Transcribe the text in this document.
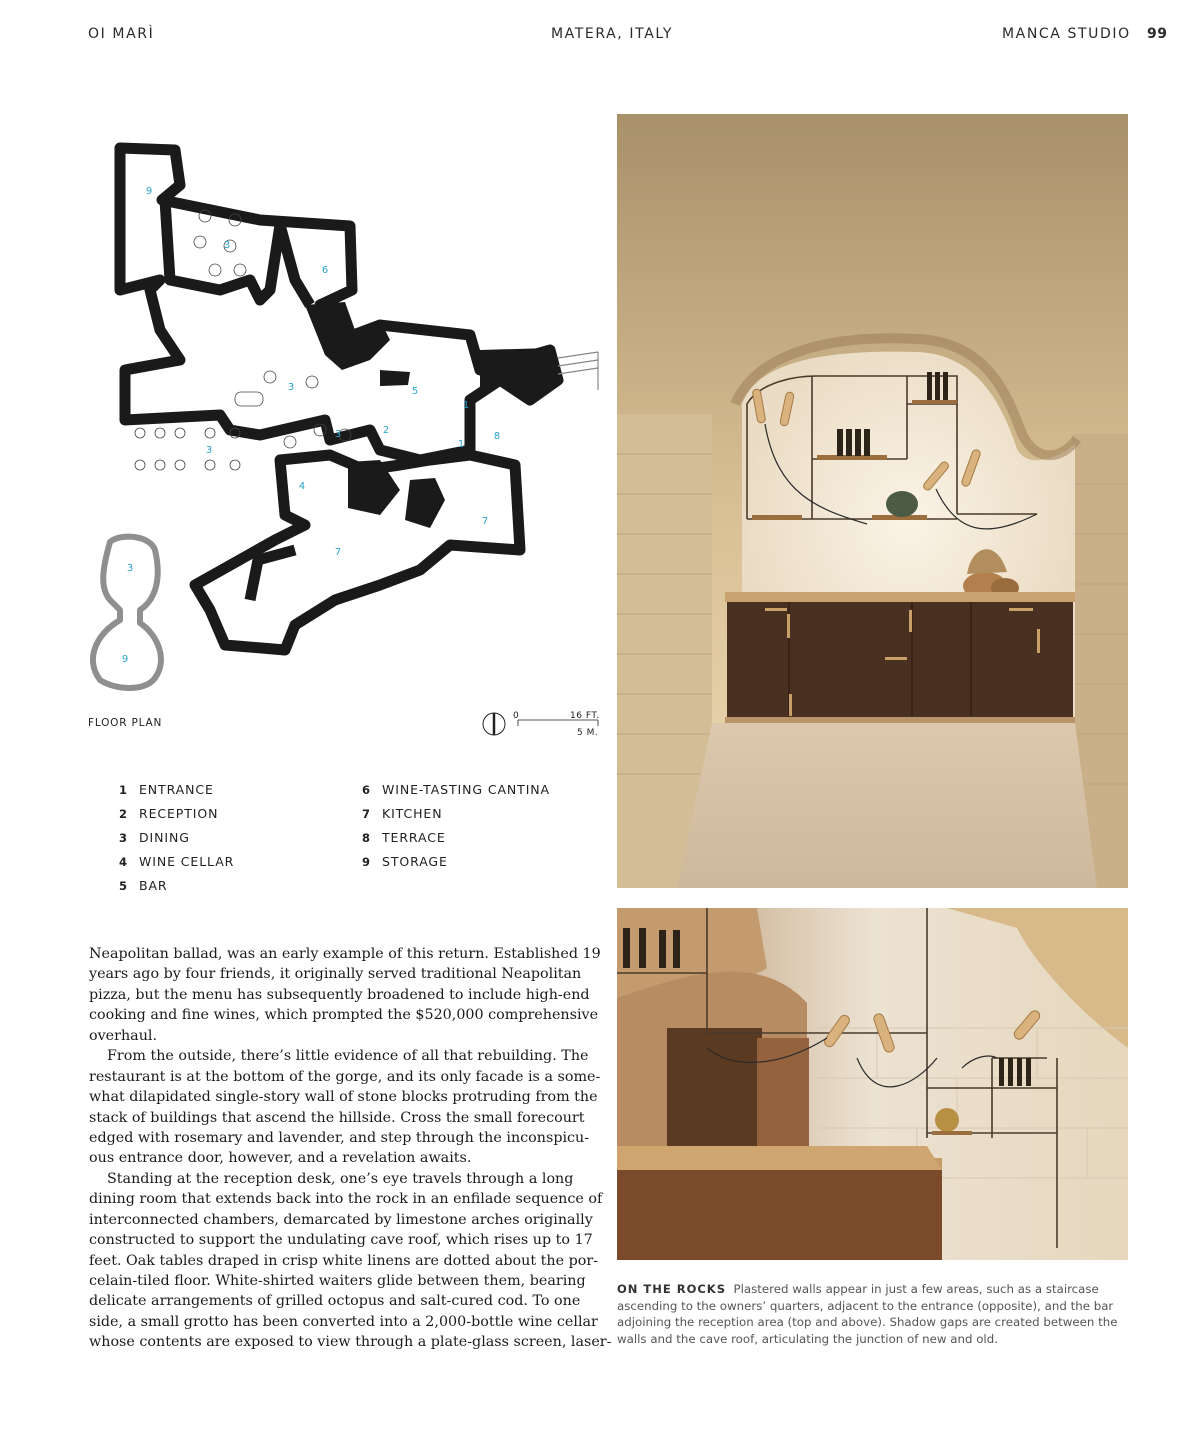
OI MARÌ	MATERA, ITALY	MANCA STUDIO 99
9
3
6
3	5
1
3
3
2
1
8
4
7
7
3
9
FLOOR PLAN
0	16 FT.
5 M.
1 ENTRANCE
2 RECEPTION
3 DINING
4 WINE CELLAR
5 BAR
6 WINE-TASTING CANTINA
7 KITCHEN
8 TERRACE
9 STORAGE
Neapolitan ballad, was an early example of this return. Established 19
years ago by four friends, it originally served traditional Neapolitan
pizza, but the menu has subsequently broadened to include high-end
cooking and fine wines, which prompted the $520,000 comprehensive
overhaul.
From the outside, there’s little evidence of all that rebuilding. The
restaurant is at the bottom of the gorge, and its only facade is a some-
what dilapidated single-story wall of stone blocks protruding from the
stack of buildings that ascend the hillside. Cross the small forecourt
edged with rosemary and lavender, and step through the inconspicu-
ous entrance door, however, and a revelation awaits.
Standing at the reception desk, one’s eye travels through a long
dining room that extends back into the rock in an enfilade sequence of
interconnected chambers, demarcated by limestone arches originally
constructed to support the undulating cave roof, which rises up to 17
feet. Oak tables draped in crisp white linens are dotted about the por-
celain-tiled floor. White-shirted waiters glide between them, bearing
delicate arrangements of grilled octopus and salt-cured cod. To one
side, a small grotto has been converted into a 2,000-bottle wine cellar
whose contents are exposed to view through a plate-glass screen, laser-
ON THE ROCKS Plastered walls appear in just a few areas, such as a staircase
ascending to the owners’ quarters, adjacent to the entrance (opposite), and the bar
adjoining the reception area (top and above). Shadow gaps are created between the
walls and the cave roof, articulating the junction of new and old.
